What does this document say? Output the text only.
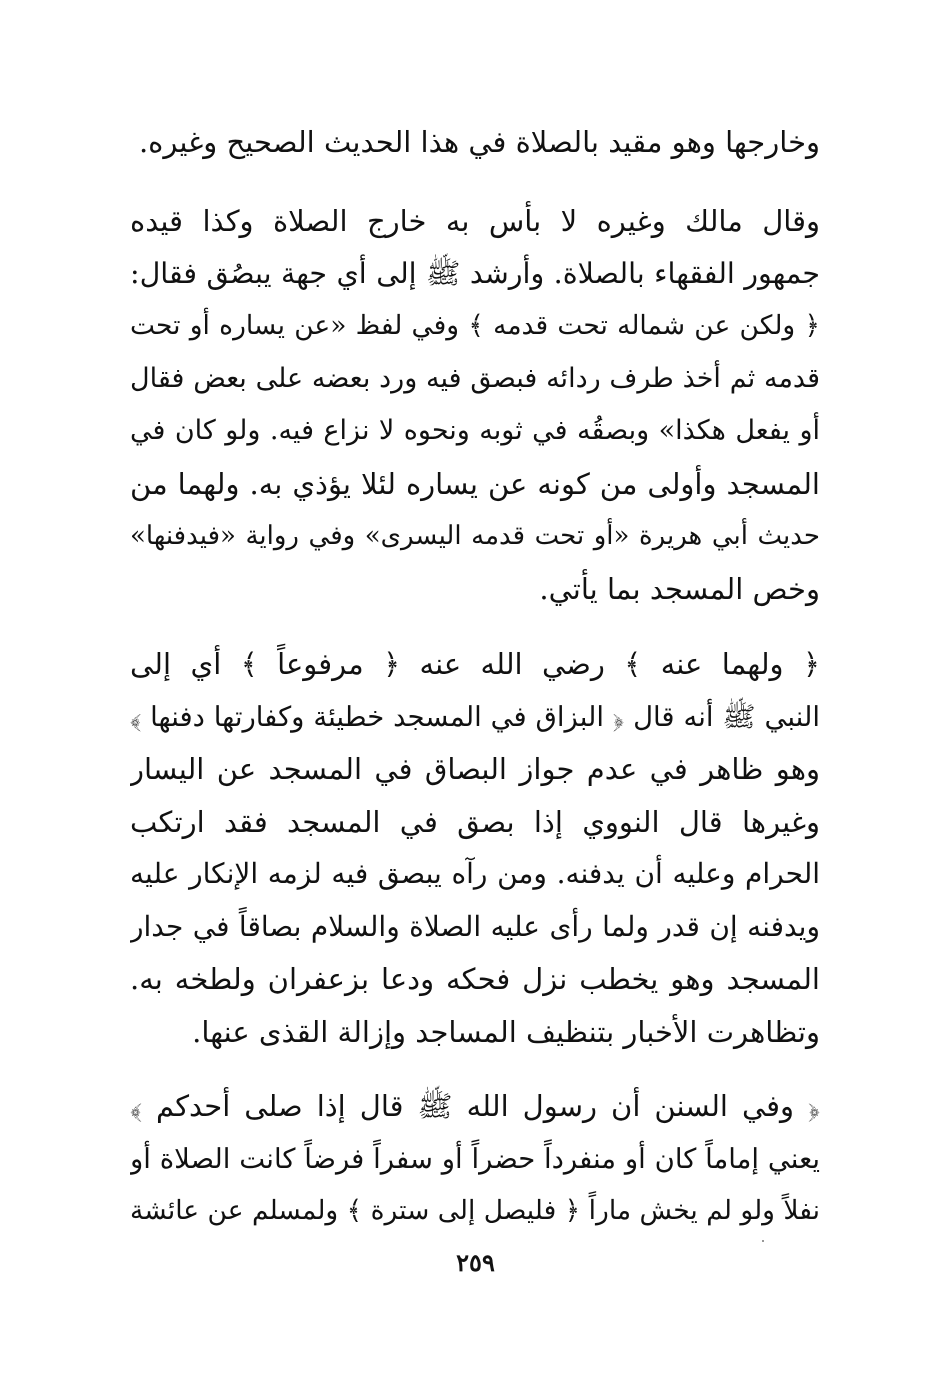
وخارجها وهو مقيد بالصلاة في هذا الحديث الصحيح وغيره.
وقال مالك وغيره لا بأس به خارج الصلاة وكذا قيده
جمهور الفقهاء بالصلاة. وأرشد ﷺ إلى أي جهة يبصُق فقال:
﴿ ولكن عن شماله تحت قدمه ﴾ وفي لفظ «عن يساره أو تحت
قدمه ثم أخذ طرف ردائه فبصق فيه ورد بعضه على بعض فقال
أو يفعل هكذا» وبصقُه في ثوبه ونحوه لا نزاع فيه. ولو كان في
المسجد وأولى من كونه عن يساره لئلا يؤذي به. ولهما من
حديث أبي هريرة «أو تحت قدمه اليسرى» وفي رواية «فيدفنها»
وخص المسجد بما يأتي.
﴿ ولهما عنه ﴾ رضي الله عنه ﴿ مرفوعاً ﴾ أي إلى
النبي ﷺ أنه قال ﴿ البزاق في المسجد خطيئة وكفارتها دفنها ﴾
وهو ظاهر في عدم جواز البصاق في المسجد عن اليسار
وغيرها قال النووي إذا بصق في المسجد فقد ارتكب
الحرام وعليه أن يدفنه. ومن رآه يبصق فيه لزمه الإنكار عليه
ويدفنه إن قدر ولما رأى عليه الصلاة والسلام بصاقاً في جدار
المسجد وهو يخطب نزل فحكه ودعا بزعفران ولطخه به.
وتظاهرت الأخبار بتنظيف المساجد وإزالة القذى عنها.
﴿ وفي السنن أن رسول الله ﷺ قال إذا صلى أحدكم ﴾
يعني إماماً كان أو منفرداً حضراً أو سفراً فرضاً كانت الصلاة أو
نفلاً ولو لم يخش ماراً ﴿ فليصل إلى سترة ﴾ ولمسلم عن عائشة
٢٥٩
